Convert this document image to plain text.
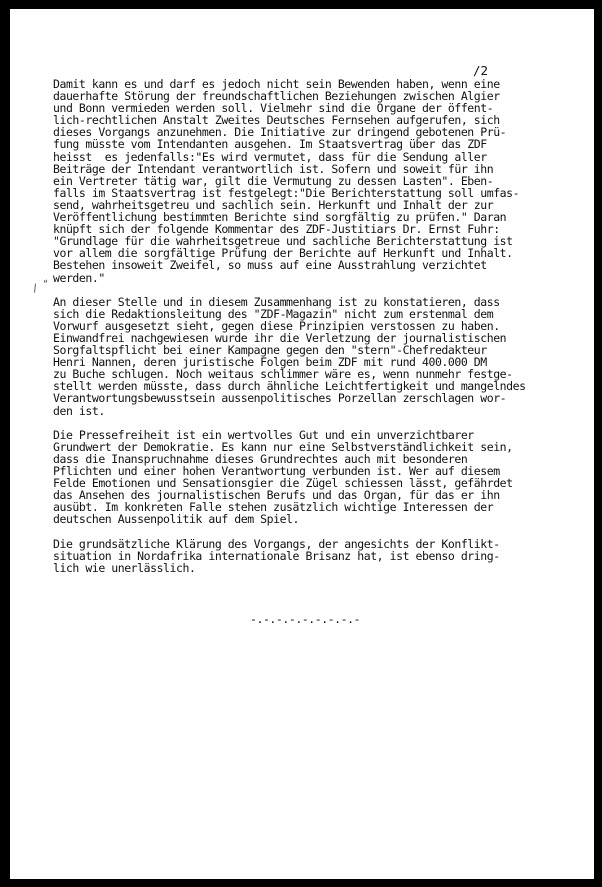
/2
/ "

Damit kann es und darf es jedoch nicht sein Bewenden haben, wenn eine
dauerhafte Störung der freundschaftlichen Beziehungen zwischen Algier
und Bonn vermieden werden soll. Vielmehr sind die Organe der öffent-
lich-rechtlichen Anstalt Zweites Deutsches Fernsehen aufgerufen, sich
dieses Vorgangs anzunehmen. Die Initiative zur dringend gebotenen Prü-
fung müsste vom Intendanten ausgehen. Im Staatsvertrag über das ZDF
heisst  es jedenfalls:"Es wird vermutet, dass für die Sendung aller
Beiträge der Intendant verantwortlich ist. Sofern und soweit für ihn
ein Vertreter tätig war, gilt die Vermutung zu dessen Lasten". Eben-
falls im Staatsvertrag ist festgelegt:"Die Berichterstattung soll umfas-
send, wahrheitsgetreu und sachlich sein. Herkunft und Inhalt der zur
Veröffentlichung bestimmten Berichte sind sorgfältig zu prüfen." Daran
knüpft sich der folgende Kommentar des ZDF-Justitiars Dr. Ernst Fuhr:
"Grundlage für die wahrheitsgetreue und sachliche Berichterstattung ist
vor allem die sorgfältige Prüfung der Berichte auf Herkunft und Inhalt.
Bestehen insoweit Zweifel, so muss auf eine Ausstrahlung verzichtet
werden."

An dieser Stelle und in diesem Zusammenhang ist zu konstatieren, dass
sich die Redaktionsleitung des "ZDF-Magazin" nicht zum erstenmal dem
Vorwurf ausgesetzt sieht, gegen diese Prinzipien verstossen zu haben.
Einwandfrei nachgewiesen wurde ihr die Verletzung der journalistischen
Sorgfaltspflicht bei einer Kampagne gegen den "stern"-Chefredakteur
Henri Nannen, deren juristische Folgen beim ZDF mit rund 400.000 DM
zu Buche schlugen. Noch weitaus schlimmer wäre es, wenn nunmehr festge-
stellt werden müsste, dass durch ähnliche Leichtfertigkeit und mangelndes
Verantwortungsbewusstsein aussenpolitisches Porzellan zerschlagen wor-
den ist.

Die Pressefreiheit ist ein wertvolles Gut und ein unverzichtbarer
Grundwert der Demokratie. Es kann nur eine Selbstverständlichkeit sein,
dass die Inanspruchnahme dieses Grundrechtes auch mit besonderen
Pflichten und einer hohen Verantwortung verbunden ist. Wer auf diesem
Felde Emotionen und Sensationsgier die Zügel schiessen lässt, gefährdet
das Ansehen des journalistischen Berufs und das Organ, für das er ihn
ausübt. Im konkreten Falle stehen zusätzlich wichtige Interessen der
deutschen Aussenpolitik auf dem Spiel.

Die grundsätzliche Klärung des Vorgangs, der angesichts der Konflikt-
situation in Nordafrika internationale Brisanz hat, ist ebenso dring-
lich wie unerlässlich.

-.-.-.-.-.-.-.-.-
